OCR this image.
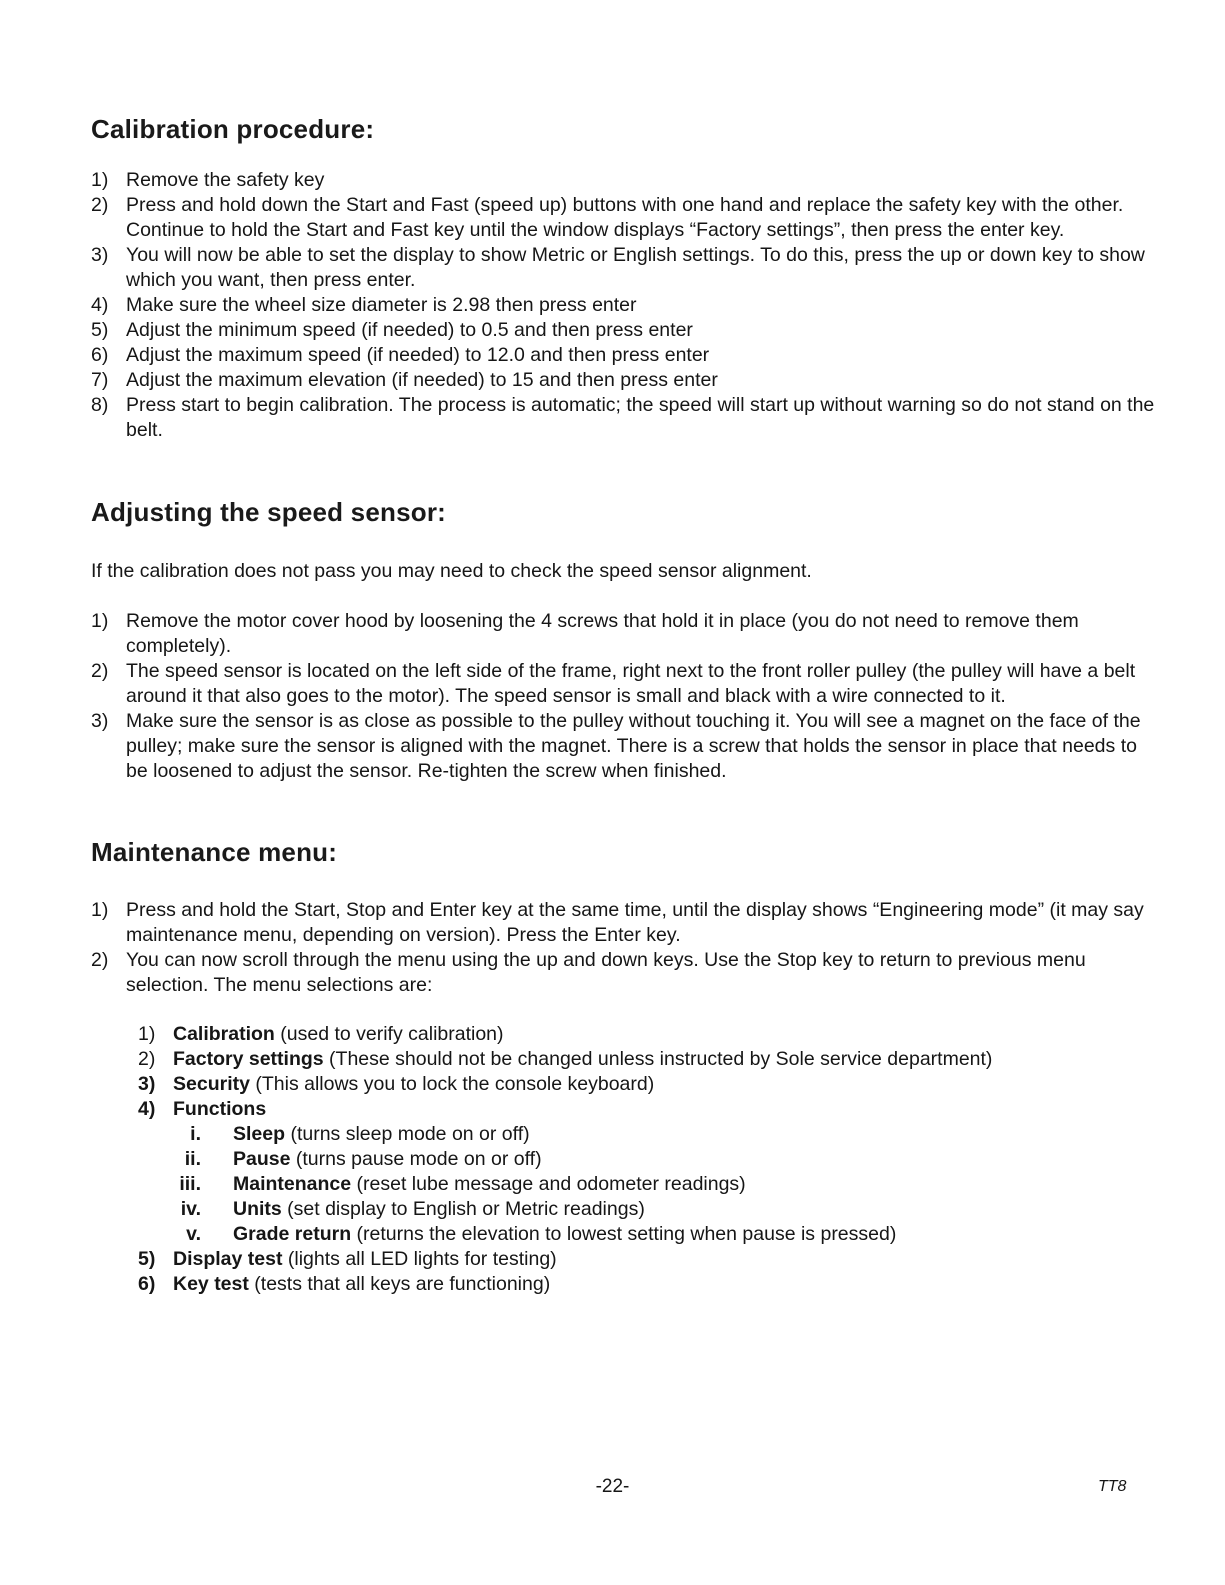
Calibration procedure:
1) Remove the safety key
2) Press and hold down the Start and Fast (speed up) buttons with one hand and replace the safety key with the other. Continue to hold the Start and Fast key until the window displays “Factory settings”, then press the enter key.
3) You will now be able to set the display to show Metric or English settings. To do this, press the up or down key to show which you want, then press enter.
4) Make sure the wheel size diameter is 2.98 then press enter
5) Adjust the minimum speed (if needed) to 0.5 and then press enter
6) Adjust the maximum speed (if needed) to 12.0 and then press enter
7) Adjust the maximum elevation (if needed) to 15 and then press enter
8) Press start to begin calibration. The process is automatic; the speed will start up without warning so do not stand on the belt.
Adjusting the speed sensor:

If the calibration does not pass you may need to check the speed sensor alignment.

1) Remove the motor cover hood by loosening the 4 screws that hold it in place (you do not need to remove them completely).
2) The speed sensor is located on the left side of the frame, right next to the front roller pulley (the pulley will have a belt around it that also goes to the motor). The speed sensor is small and black with a wire connected to it.
3) Make sure the sensor is as close as possible to the pulley without touching it. You will see a magnet on the face of the pulley; make sure the sensor is aligned with the magnet. There is a screw that holds the sensor in place that needs to be loosened to adjust the sensor. Re-tighten the screw when finished.
Maintenance menu:
1) Press and hold the Start, Stop and Enter key at the same time, until the display shows “Engineering mode” (it may say maintenance menu, depending on version). Press the Enter key.
2) You can now scroll through the menu using the up and down keys. Use the Stop key to return to previous menu selection. The menu selections are:
1) Calibration (used to verify calibration)
2) Factory settings (These should not be changed unless instructed by Sole service department)
3) Security (This allows you to lock the console keyboard)
4) Functions
i. Sleep (turns sleep mode on or off)
ii. Pause (turns pause mode on or off)
iii. Maintenance (reset lube message and odometer readings)
iv. Units (set display to English or Metric readings)
v. Grade return (returns the elevation to lowest setting when pause is pressed)
5) Display test (lights all LED lights for testing)
6) Key test (tests that all keys are functioning)
-22-	TT8
